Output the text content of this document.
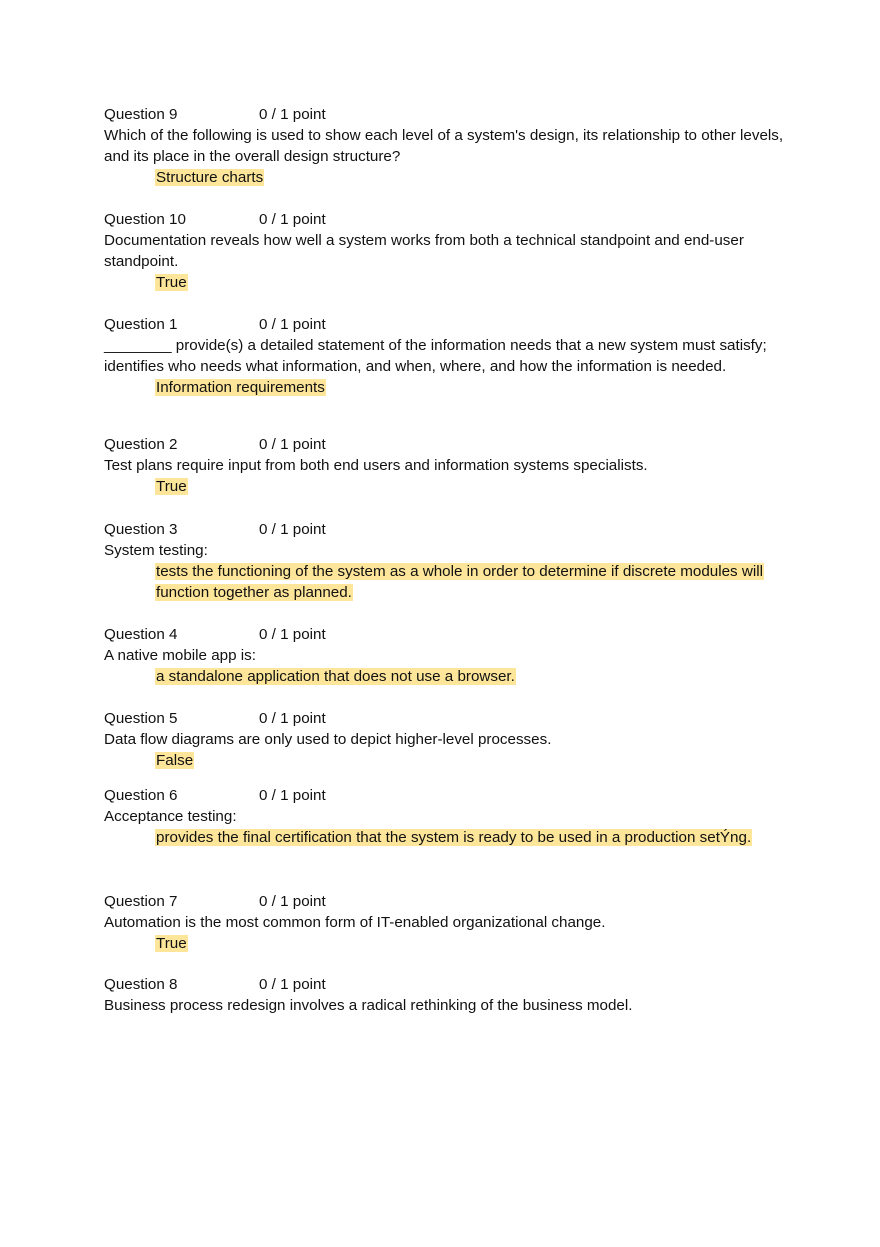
Question 9	0 / 1 point

Which of the following is used to show each level of a system's design, its relationship to other levels, and its place in the overall design structure?

Structure charts
Question 10	0 / 1 point

Documentation reveals how well a system works from both a technical standpoint and end-user standpoint.

True
Question 1	0 / 1 point

________ provide(s) a detailed statement of the information needs that a new system must satisfy; identifies who needs what information, and when, where, and how the information is needed.

Information requirements
Question 2	0 / 1 point

Test plans require input from both end users and information systems specialists.

True
Question 3	0 / 1 point

System testing:

tests the functioning of the system as a whole in order to determine if discrete modules will function together as planned.
Question 4	0 / 1 point

A native mobile app is:

a standalone application that does not use a browser.
Question 5	0 / 1 point

Data flow diagrams are only used to depict higher-level processes.

False
Question 6	0 / 1 point

Acceptance testing:

provides the final certification that the system is ready to be used in a production setÝng.
Question 7	0 / 1 point

Automation is the most common form of IT-enabled organizational change.

True
Question 8	0 / 1 point

Business process redesign involves a radical rethinking of the business model.
